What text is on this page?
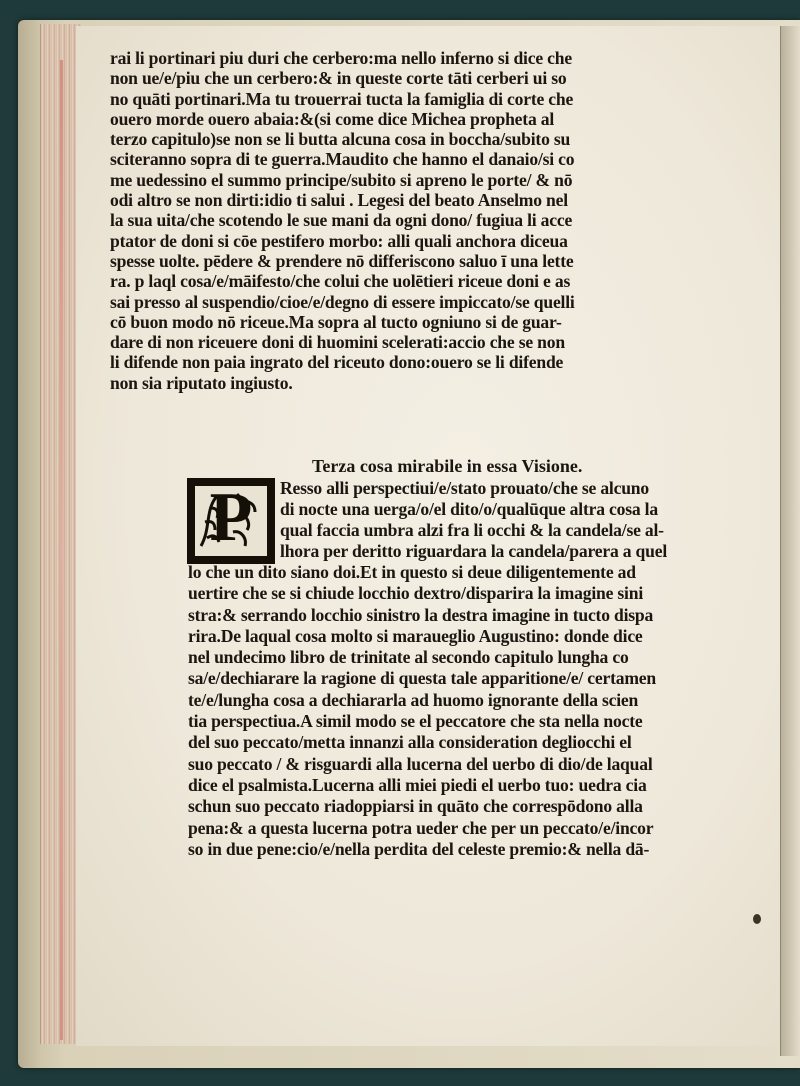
rai li portinari piu duri che cerbero:ma nello inferno si dice che
non ue/e/piu che un cerbero:& in queste corte tāti cerberi ui so
no quāti portinari.Ma tu trouerrai tucta la famiglia di corte che
ouero morde ouero abaia:&(si come dice Michea propheta al
terzo capitulo)se non se li butta alcuna cosa in boccha/subito su
sciteranno sopra di te guerra.Maudito che hanno el danaio/si co
me uedessino el summo principe/subito si apreno le porte/ & nō
odi altro se non dirti:idio ti salui . Legesi del beato Anselmo nel
la sua uita/che scotendo le sue mani da ogni dono/ fugiua li acce
ptator de doni si cōe pestifero morbo: alli quali anchora diceua
spesse uolte. pēdere & prendere nō differiscono saluo ī una lette
ra. p laql cosa/e/māifesto/che colui che uolētieri riceue doni e as
sai presso al suspendio/cioe/e/degno di essere impiccato/se quelli
cō buon modo nō riceue.Ma sopra al tucto ogniuno si de guar-
dare di non riceuere doni di huomini scelerati:accio che se non
li difende non paia ingrato del riceuto dono:ouero se li difende
non sia riputato ingiusto.
Terza cosa mirabile in essa Visione.
P	Resso alli perspectiui/e/stato prouato/che se alcuno
di nocte una uerga/o/el dito/o/qualūque altra cosa la
qual faccia umbra alzi fra li occhi & la candela/se al-
lhora per deritto riguardara la candela/parera a quel
lo che un dito siano doi.Et in questo si deue diligentemente ad
uertire che se si chiude locchio dextro/disparira la imagine sini
stra:& serrando locchio sinistro la destra imagine in tucto dispa
rira.De laqual cosa molto si maraueglio Augustino: donde dice
nel undecimo libro de trinitate al secondo capitulo lungha co
sa/e/dechiarare la ragione di questa tale apparitione/e/ certamen
te/e/lungha cosa a dechiararla ad huomo ignorante della scien
tia perspectiua.A simil modo se el peccatore che sta nella nocte
del suo peccato/metta innanzi alla consideration degliocchi el
suo peccato / & risguardi alla lucerna del uerbo di dio/de laqual
dice el psalmista.Lucerna alli miei piedi el uerbo tuo: uedra cia
schun suo peccato riadoppiarsi in quāto che correspōdono alla
pena:& a questa lucerna potra ueder che per un peccato/e/incor
so in due pene:cio/e/nella perdita del celeste premio:& nella dā-
